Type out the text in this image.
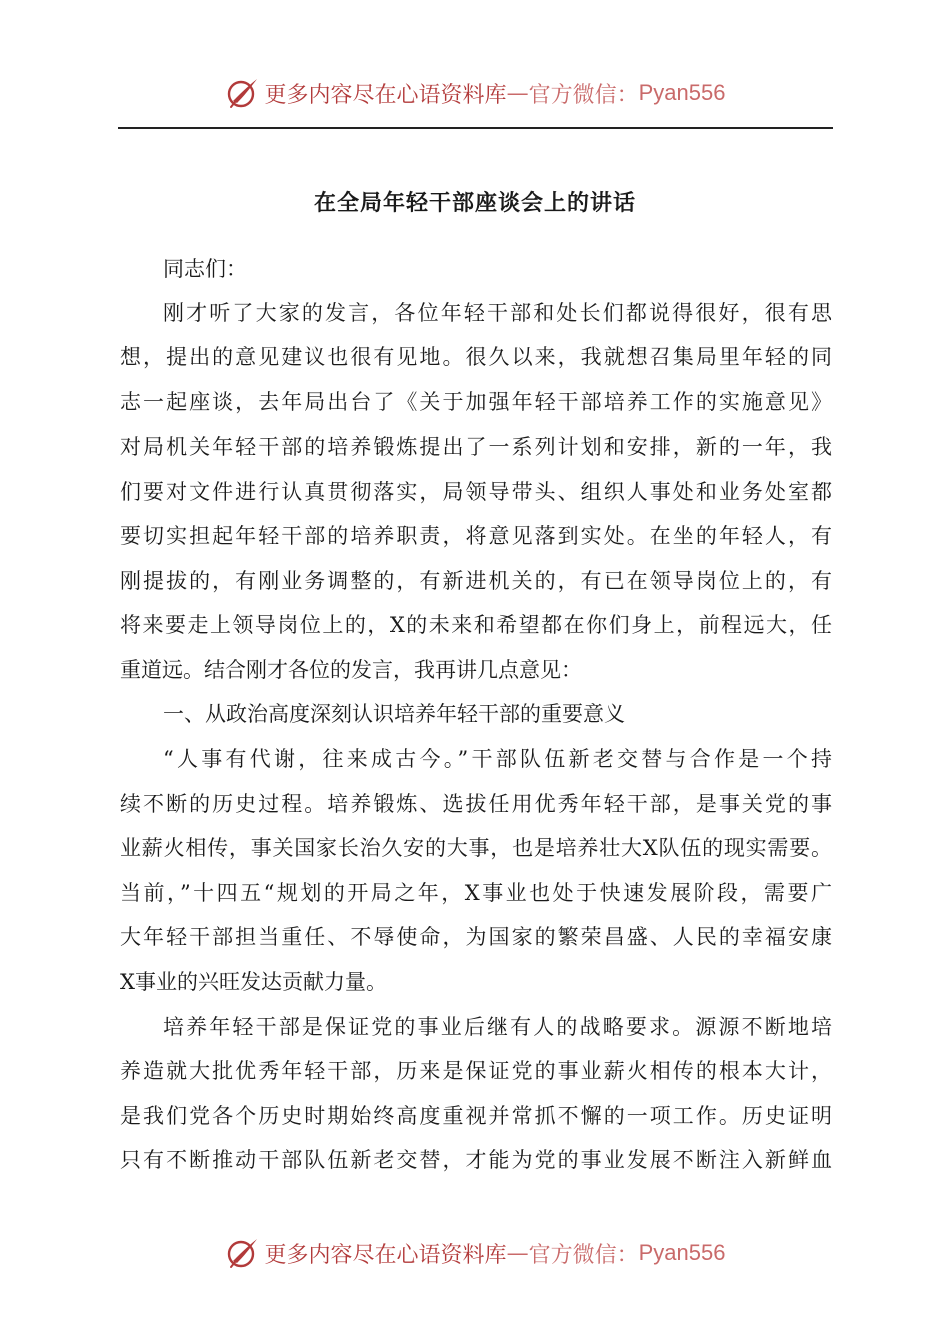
更多内容尽在心语资料库 — 官方微信： Pyan556
在全局年轻干部座谈会上的讲话

同志们：

刚才听了大家的发言，各位年轻干部和处长们都说得很好，很有思

想，提出的意见建议也很有见地。很久以来，我就想召集局里年轻的同

志一起座谈，去年局出台了《关于加强年轻干部培养工作的实施意见》

对局机关年轻干部的培养锻炼提出了一系列计划和安排，新的一年，我

们要对文件进行认真贯彻落实，局领导带头、组织人事处和业务处室都

要切实担起年轻干部的培养职责，将意见落到实处。在坐的年轻人，有

刚提拔的，有刚业务调整的，有新进机关的，有已在领导岗位上的，有

将来要走上领导岗位上的，X的未来和希望都在你们身上，前程远大，任

重道远。结合刚才各位的发言，我再讲几点意见：

一、从政治高度深刻认识培养年轻干部的重要意义

“人事有代谢，往来成古今。”干部队伍新老交替与合作是一个持

续不断的历史过程。培养锻炼、选拔任用优秀年轻干部，是事关党的事

业薪火相传，事关国家长治久安的大事，也是培养壮大X队伍的现实需要。

当前，”十四五“规划的开局之年，X事业也处于快速发展阶段，需要广

大年轻干部担当重任、不辱使命，为国家的繁荣昌盛、人民的幸福安康

X事业的兴旺发达贡献力量。

培养年轻干部是保证党的事业后继有人的战略要求。源源不断地培

养造就大批优秀年轻干部，历来是保证党的事业薪火相传的根本大计，

是我们党各个历史时期始终高度重视并常抓不懈的一项工作。历史证明

只有不断推动干部队伍新老交替，才能为党的事业发展不断注入新鲜血

更多内容尽在心语资料库 — 官方微信： Pyan556
